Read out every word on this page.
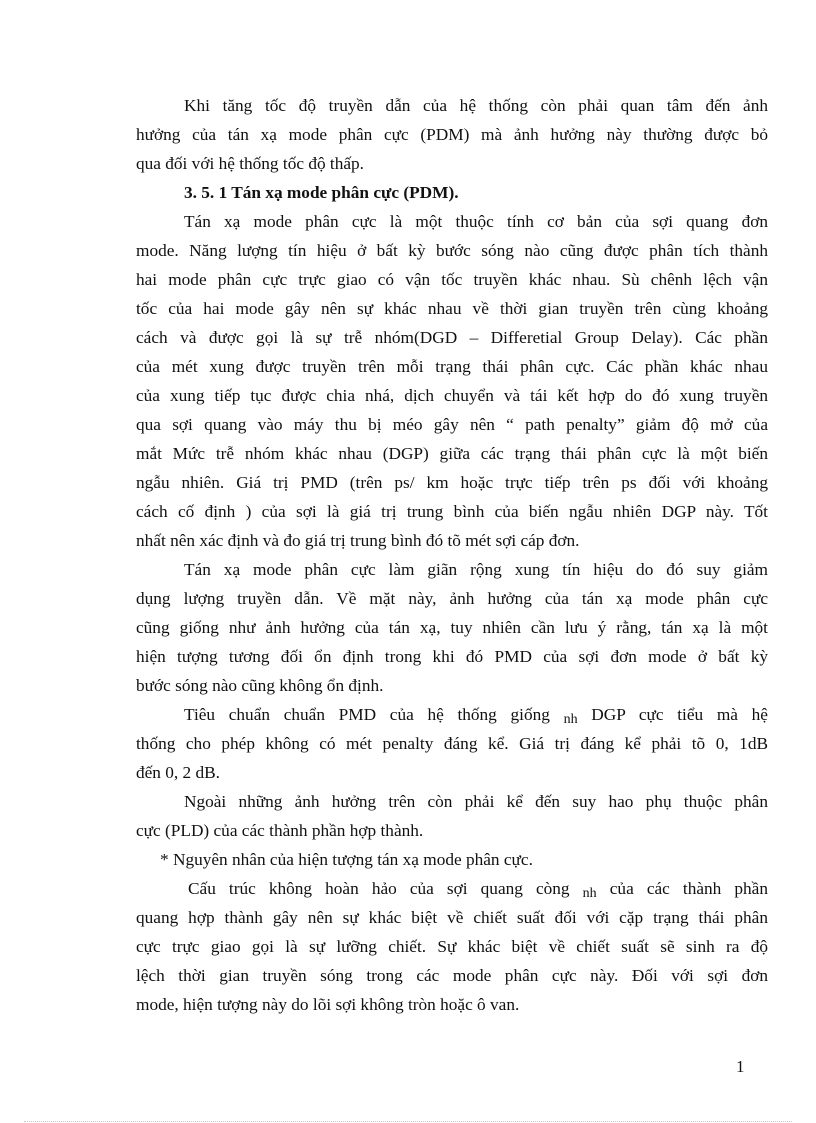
Khi tăng tốc độ truyền dẫn của hệ thống còn phải quan tâm đến ảnh
hưởng của tán xạ mode phân cực (PDM) mà ảnh hưởng này thường được bỏ
qua đối với hệ thống tốc độ thấp.
3. 5. 1 Tán xạ mode phân cực (PDM).
Tán xạ mode phân cực là một thuộc tính cơ bản của sợi quang đơn
mode. Năng lượng tín hiệu ở bất kỳ bước sóng nào cũng được phân tích thành
hai mode phân cực trực giao có vận tốc truyền khác nhau. Sù chênh lệch vận
tốc của hai mode gây nên sự khác nhau về thời gian truyền trên cùng khoảng
cách và được gọi là sự trễ nhóm(DGD – Differetial Group Delay). Các phần
của mét xung được truyền trên mỗi trạng thái phân cực. Các phần khác nhau
của xung tiếp tục được chia nhá, dịch chuyển và tái kết hợp do đó xung truyền
qua sợi quang vào máy thu bị méo gây nên “ path penalty” giảm độ mở của
mắt Mức trễ nhóm khác nhau (DGP) giữa các trạng thái phân cực là một biến
ngẫu nhiên. Giá trị PMD (trên ps/ km hoặc trực tiếp trên ps đối với khoảng
cách cố định ) của sợi là giá trị trung bình của biến ngẫu nhiên DGP này. Tốt
nhất nên xác định và đo giá trị trung bình đó tõ mét sợi cáp đơn.
Tán xạ mode phân cực làm giãn rộng xung tín hiệu do đó suy giảm
dụng lượng truyền dẫn. Về mặt này, ảnh hưởng của tán xạ mode phân cực
cũng giống như ảnh hưởng của tán xạ, tuy nhiên cần lưu ý rằng, tán xạ là một
hiện tượng tương đối ổn định trong khi đó PMD của sợi đơn mode ở bất kỳ
bước sóng nào cũng không ổn định.
Tiêu chuẩn chuẩn PMD của hệ thống giống $_{nh}$ DGP cực tiểu mà hệ
thống cho phép không có mét penalty đáng kể. Giá trị đáng kể phải tõ 0, 1dB
đến 0, 2 dB.
Ngoài những ảnh hưởng trên còn phải kể đến suy hao phụ thuộc phân
cực (PLD) của các thành phần hợp thành.
* Nguyên nhân của hiện tượng tán xạ mode phân cực.
Cấu trúc không hoàn hảo của sợi quang còng $_{nh}$ của các thành phần
quang hợp thành gây nên sự khác biệt về chiết suất đối với cặp trạng thái phân
cực trực giao gọi là sự lưỡng chiết. Sự khác biệt về chiết suất sẽ sinh ra độ
lệch thời gian truyền sóng trong các mode phân cực này. Đối với sợi đơn
mode, hiện tượng này do lõi sợi không tròn hoặc ô van.
1
